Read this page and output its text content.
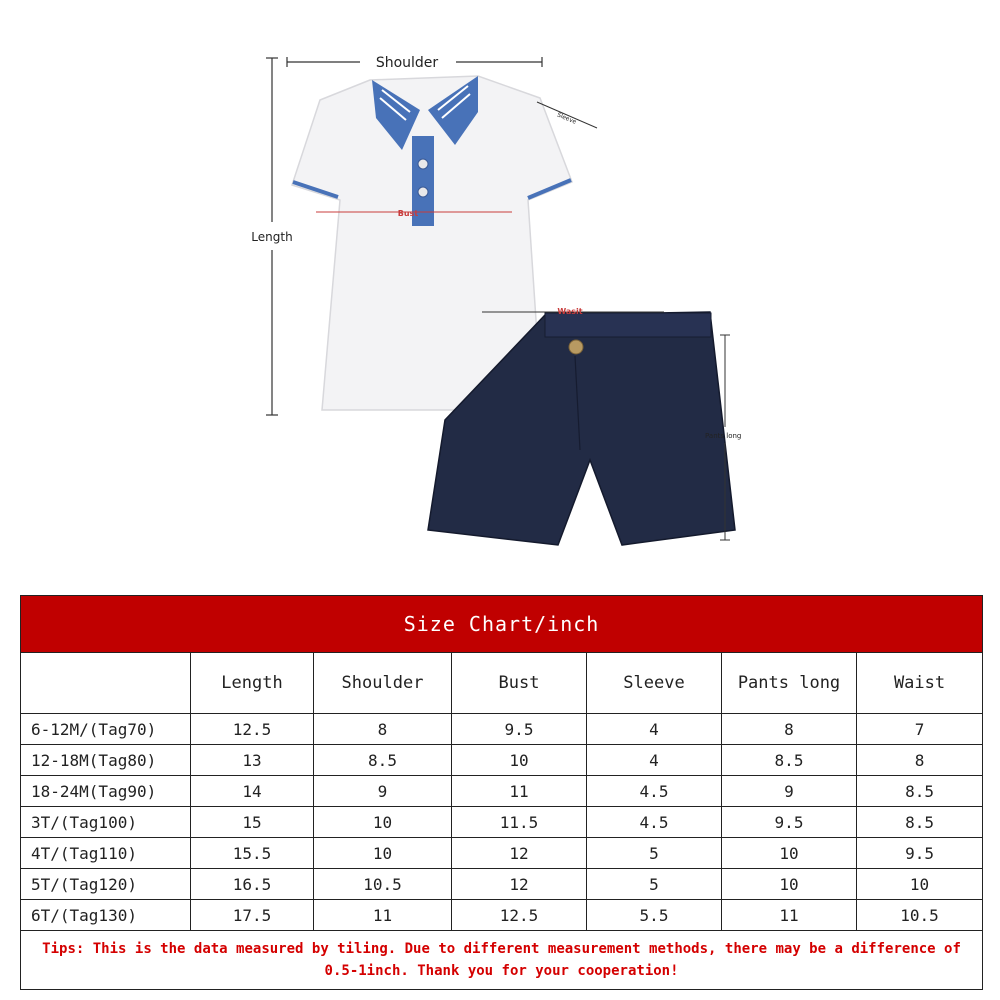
Shoulder
Length
Sleeve
Bust
Wasit
Pants long
Size Chart/inch						
	Length	Shoulder	Bust	Sleeve	Pants long	Waist
6-12M/(Tag70)	12.5	8	9.5	4	8	7
12-18M(Tag80)	13	8.5	10	4	8.5	8
18-24M(Tag90)	14	9	11	4.5	9	8.5
3T/(Tag100)	15	10	11.5	4.5	9.5	8.5
4T/(Tag110)	15.5	10	12	5	10	9.5
5T/(Tag120)	16.5	10.5	12	5	10	10
6T/(Tag130)	17.5	11	12.5	5.5	11	10.5
Tips: This is the data measured by tiling. Due to different measurement methods, there may be a difference of 0.5-1inch. Thank you for your cooperation!						
